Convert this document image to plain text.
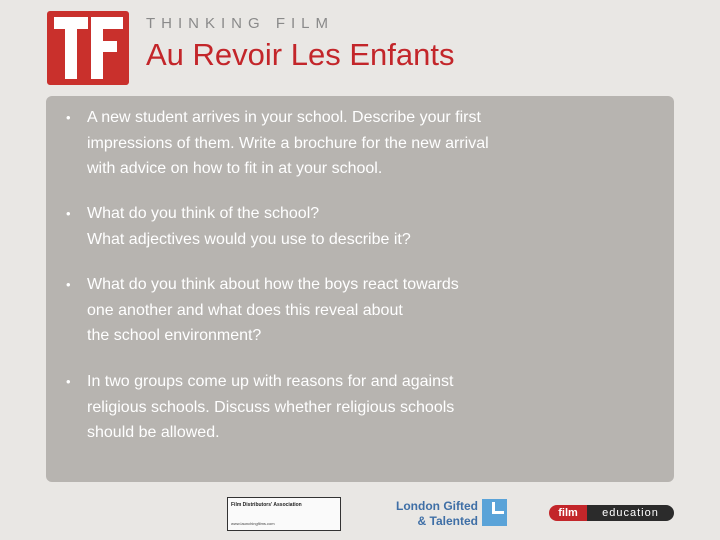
THINKING FILM
Au Revoir Les Enfants
• A new student arrives in your school. Describe your first
impressions of them. Write a brochure for the new arrival
with advice on how to fit in at your school.
• What do you think of the school?
What adjectives would you use to describe it?
• What do you think about how the boys react towards
one another and what does this reveal about
the school environment?
• In two groups come up with reasons for and against
religious schools. Discuss whether religious schools
should be allowed.
Film Distributors' Association
www.launchingfilms.com
London Gifted
& Talented
film	education
